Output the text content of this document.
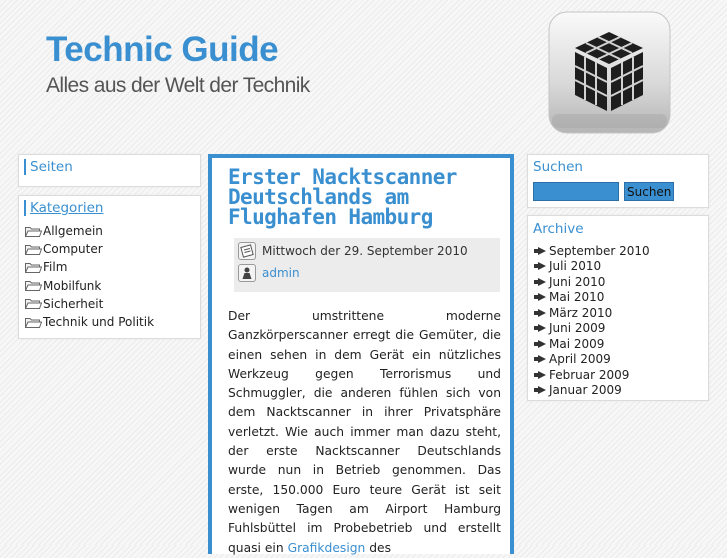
Technic Guide

Alles aus der Welt der Technik

Seiten
Kategorien
Allgemein
Computer
Film
Mobilfunk
Sicherheit
Technik und Politik
Erster Nacktscanner Deutschlands am Flughafen Hamburg
Mittwoch der 29. September 2010
admin

Der umstrittene moderne Ganzkörperscanner erregt die Gemüter, die einen sehen in dem Gerät ein nützliches Werkzeug gegen Terrorismus und Schmuggler, die anderen fühlen sich von dem Nacktscanner in ihrer Privatsphäre verletzt. Wie auch immer man dazu steht, der erste Nacktscanner Deutschlands wurde nun in Betrieb genommen. Das erste, 150.000 Euro teure Gerät ist seit wenigen Tagen am Airport Hamburg Fuhlsbüttel im Probebetrieb und erstellt quasi ein Grafikdesign des

Suchen
Suchen
Archive
September 2010
Juli 2010
Juni 2010
Mai 2010
März 2010
Juni 2009
Mai 2009
April 2009
Februar 2009
Januar 2009
